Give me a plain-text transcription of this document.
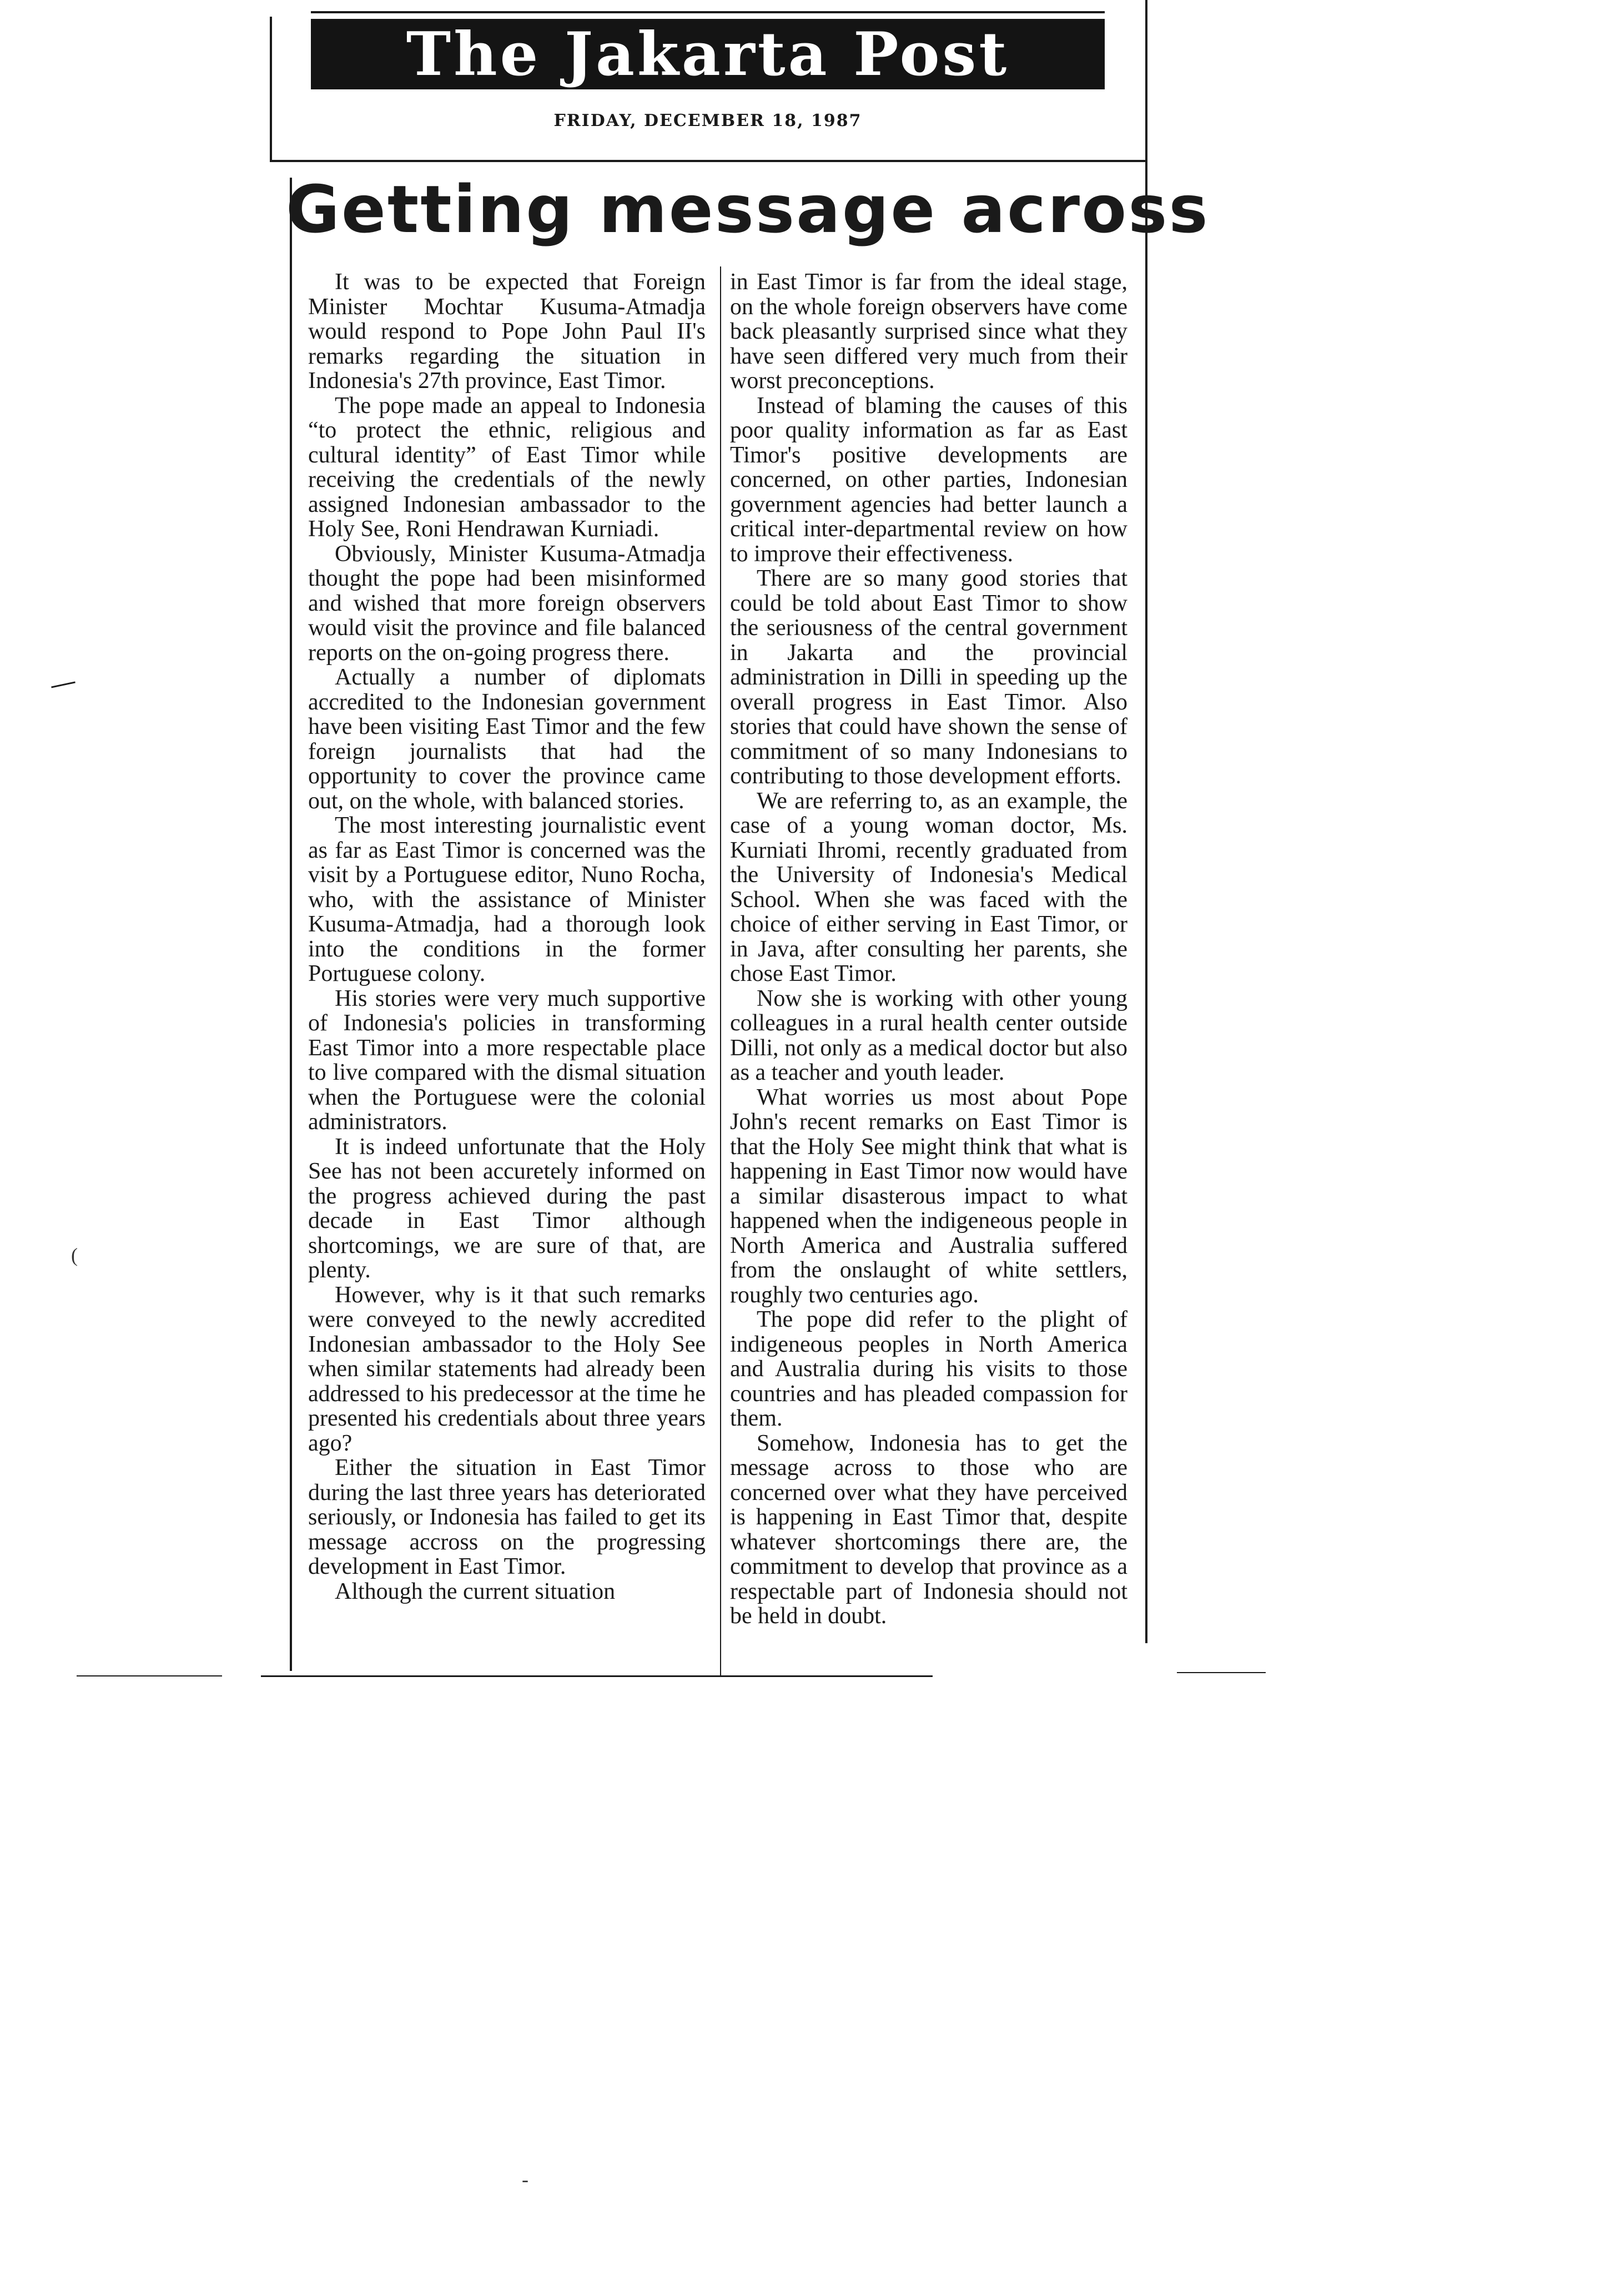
The Jakarta Post
FRIDAY, DECEMBER 18, 1987
Getting message across

It was to be expected that Foreign Minister Mochtar Kusuma-Atmadja would respond to Pope John Paul II's remarks regarding the situation in Indonesia's 27th province, East Timor.

The pope made an appeal to Indonesia “to protect the ethnic, religious and cultural identity” of East Timor while receiving the credentials of the newly assigned Indonesian ambassador to the Holy See, Roni Hendrawan Kurniadi.

Obviously, Minister Kusuma-Atmadja thought the pope had been misinformed and wished that more foreign observers would visit the province and file balanced reports on the on-going progress there.

Actually a number of diplomats accredited to the Indonesian government have been visiting East Timor and the few foreign journalists that had the opportunity to cover the province came out, on the whole, with balanced stories.

The most interesting journalistic event as far as East Timor is concerned was the visit by a Portuguese editor, Nuno Rocha, who, with the assistance of Minister Kusuma-Atmadja, had a thorough look into the conditions in the former Portuguese colony.

His stories were very much supportive of Indonesia's policies in transforming East Timor into a more respectable place to live compared with the dismal situation when the Portuguese were the colonial administrators.

It is indeed unfortunate that the Holy See has not been accuretely informed on the progress achieved during the past decade in East Timor although shortcomings, we are sure of that, are plenty.

However, why is it that such remarks were conveyed to the newly accredited Indonesian ambassador to the Holy See when similar statements had already been addressed to his predecessor at the time he presented his credentials about three years ago?

Either the situation in East Timor during the last three years has deteriorated seriously, or Indonesia has failed to get its message accross on the progressing development in East Timor.

Although the current situation

in East Timor is far from the ideal stage, on the whole foreign observers have come back pleasantly surprised since what they have seen differed very much from their worst preconceptions.

Instead of blaming the causes of this poor quality information as far as East Timor's positive developments are concerned, on other parties, Indonesian government agencies had better launch a critical inter-departmental review on how to improve their effectiveness.

There are so many good stories that could be told about East Timor to show the seriousness of the central government in Jakarta and the provincial administration in Dilli in speeding up the overall progress in East Timor. Also stories that could have shown the sense of commitment of so many Indonesians to contributing to those development efforts.

We are referring to, as an example, the case of a young woman doctor, Ms. Kurniati Ihromi, recently graduated from the University of Indonesia's Medical School. When she was faced with the choice of either serving in East Timor, or in Java, after consulting her parents, she chose East Timor.

Now she is working with other young colleagues in a rural health center outside Dilli, not only as a medical doctor but also as a teacher and youth leader.

What worries us most about Pope John's recent remarks on East Timor is that the Holy See might think that what is happening in East Timor now would have a similar disasterous impact to what happened when the indigeneous people in North America and Australia suffered from the onslaught of white settlers, roughly two centuries ago.

The pope did refer to the plight of indigeneous peoples in North America and Australia during his visits to those countries and has pleaded compassion for them.

Somehow, Indonesia has to get the message across to those who are concerned over what they have perceived is happening in East Timor that, despite whatever shortcomings there are, the commitment to develop that province as a respectable part of Indonesia should not be held in doubt.

(
-
